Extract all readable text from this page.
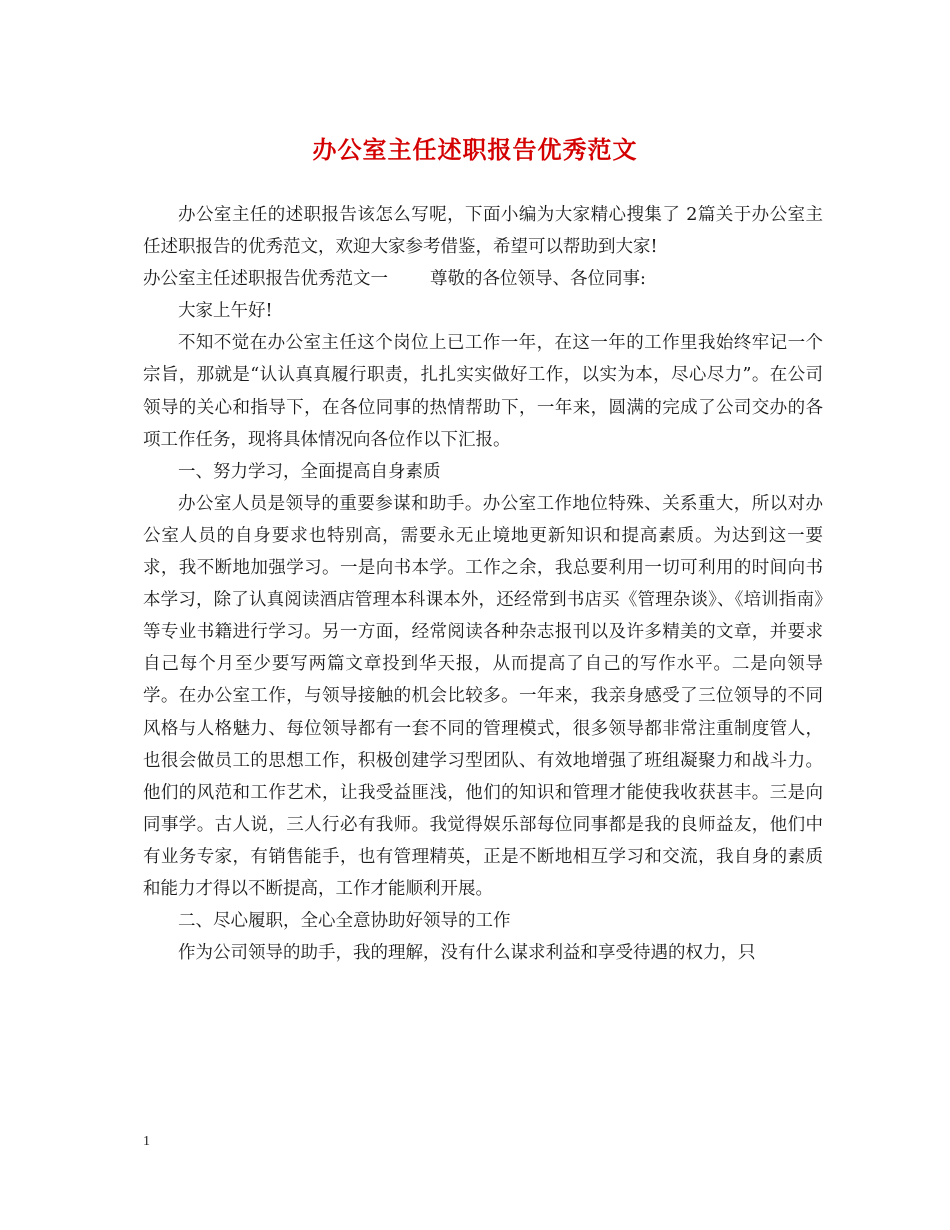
办公室主任述职报告优秀范文

办公室主任的述职报告该怎么写呢，下面小编为大家精心搜集了 2篇关于办公室主任述职报告的优秀范文，欢迎大家参考借鉴，希望可以帮助到大家!

办公室主任述职报告优秀范文一 尊敬的各位领导、各位同事:

大家上午好!

不知不觉在办公室主任这个岗位上已工作一年，在这一年的工作里我始终牢记一个宗旨，那就是“认认真真履行职责，扎扎实实做好工作，以实为本，尽心尽力”。在公司领导的关心和指导下，在各位同事的热情帮助下，一年来，圆满的完成了公司交办的各项工作任务，现将具体情况向各位作以下汇报。

一、努力学习，全面提高自身素质

办公室人员是领导的重要参谋和助手。办公室工作地位特殊、关系重大，所以对办公室人员的自身要求也特别高，需要永无止境地更新知识和提高素质。为达到这一要求，我不断地加强学习。一是向书本学。工作之余，我总要利用一切可利用的时间向书本学习，除了认真阅读酒店管理本科课本外，还经常到书店买《管理杂谈》、《培训指南》等专业书籍进行学习。另一方面，经常阅读各种杂志报刊以及许多精美的文章，并要求自己每个月至少要写两篇文章投到华天报，从而提高了自己的写作水平。二是向领导学。在办公室工作，与领导接触的机会比较多。一年来，我亲身感受了三位领导的不同风格与人格魅力、每位领导都有一套不同的管理模式，很多领导都非常注重制度管人，也很会做员工的思想工作，积极创建学习型团队、有效地增强了班组凝聚力和战斗力。他们的风范和工作艺术，让我受益匪浅，他们的知识和管理才能使我收获甚丰。三是向同事学。古人说，三人行必有我师。我觉得娱乐部每位同事都是我的良师益友，他们中有业务专家，有销售能手，也有管理精英，正是不断地相互学习和交流，我自身的素质和能力才得以不断提高，工作才能顺利开展。

二、尽心履职，全心全意协助好领导的工作

作为公司领导的助手，我的理解，没有什么谋求利益和享受待遇的权力，只

1
